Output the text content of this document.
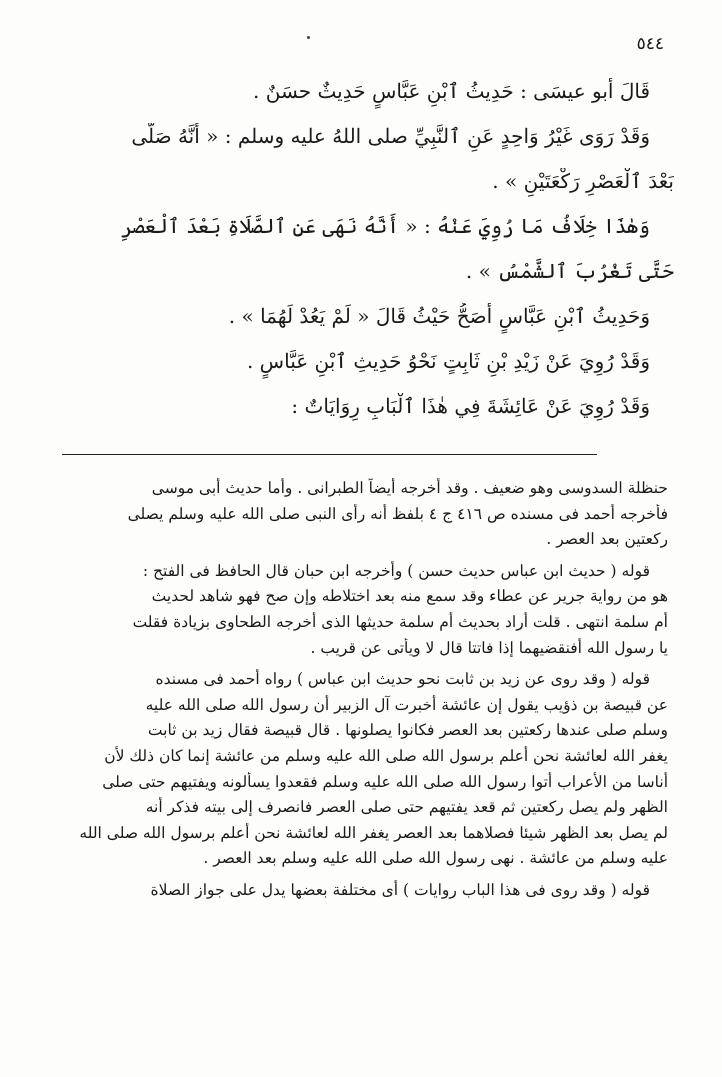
٥٤٤

قَالَ أَبو عيسَى : حَدِيثُ ٱبْنِ عَبَّاسٍ حَدِيثٌ حسَنٌ .

وَقَدْ رَوَى غَيْرُ وَاحِدٍ عَنِ ٱلنَّبِيِّ صلى اللهُ عليه وسلم : « أَنَّهُ صَلَّى

بَعْدَ ٱلْعَصْرِ رَكْعَتَيْنِ » .

وَهٰذَا خِلَافُ مَا رُوِيَ عَنْهُ : « أَنَّهُ نَهَى عَنِ ٱلصَّلَاةِ بَعْدَ ٱلْعَصْرِ

حَتَّى تَغْرُبَ ٱلشَّمْسُ » .

وَحَدِيثُ ٱبْنِ عَبَّاسٍ أَصَحُّ حَيْثُ قَالَ « لَمْ يَعُدْ لَهُمَا » .

وَقَدْ رُوِيَ عَنْ زَيْدِ بْنِ ثَابِتٍ نَحْوُ حَدِيثِ ٱبْنِ عَبَّاسٍ .

وَقَدْ رُوِيَ عَنْ عَائِشَةَ فِي هٰذَا ٱلْبَابِ رِوَايَاتٌ :

حنظلة السدوسى وهو ضعيف . وقد أخرجه أيضاً الطبرانى . وأما حديث أبى موسى

فأخرجه أحمد فى مسنده ص ٤١٦ ج ٤ بلفظ أنه رأى النبى صلى الله عليه وسلم يصلى

ركعتين بعد العصر .

قوله ( حديث ابن عباس حديث حسن ) وأخرجه ابن حبان قال الحافظ فى الفتح :

هو من رواية جرير عن عطاء وقد سمع منه بعد اختلاطه وإن صح فهو شاهد لحديث

أم سلمة انتهى . قلت أراد بحديث أم سلمة حديثها الذى أخرجه الطحاوى بزيادة فقلت

يا رسول الله أفنقضيهما إذا فاتتا قال لا ويأتى عن قريب .

قوله ( وقد روى عن زيد بن ثابت نحو حديث ابن عباس ) رواه أحمد فى مسنده

عن قبيصة بن ذؤيب يقول إن عائشة أخبرت آل الزبير أن رسول الله صلى الله عليه

وسلم صلى عندها ركعتين بعد العصر فكانوا يصلونها . قال قبيصة فقال زيد بن ثابت

يغفر الله لعائشة نحن أعلم برسول الله صلى الله عليه وسلم من عائشة إنما كان ذلك لأن

أناسا من الأعراب أتوا رسول الله صلى الله عليه وسلم فقعدوا يسألونه ويفتيهم حتى صلى

الظهر ولم يصل ركعتين ثم قعد يفتيهم حتى صلى العصر فانصرف إلى بيته فذكر أنه

لم يصل بعد الظهر شيئا فصلاهما بعد العصر يغفر الله لعائشة نحن أعلم برسول الله صلى الله

عليه وسلم من عائشة . نهى رسول الله صلى الله عليه وسلم بعد العصر .

قوله ( وقد روى فى هذا الباب روايات ) أى مختلفة بعضها يدل على جواز الصلاة
